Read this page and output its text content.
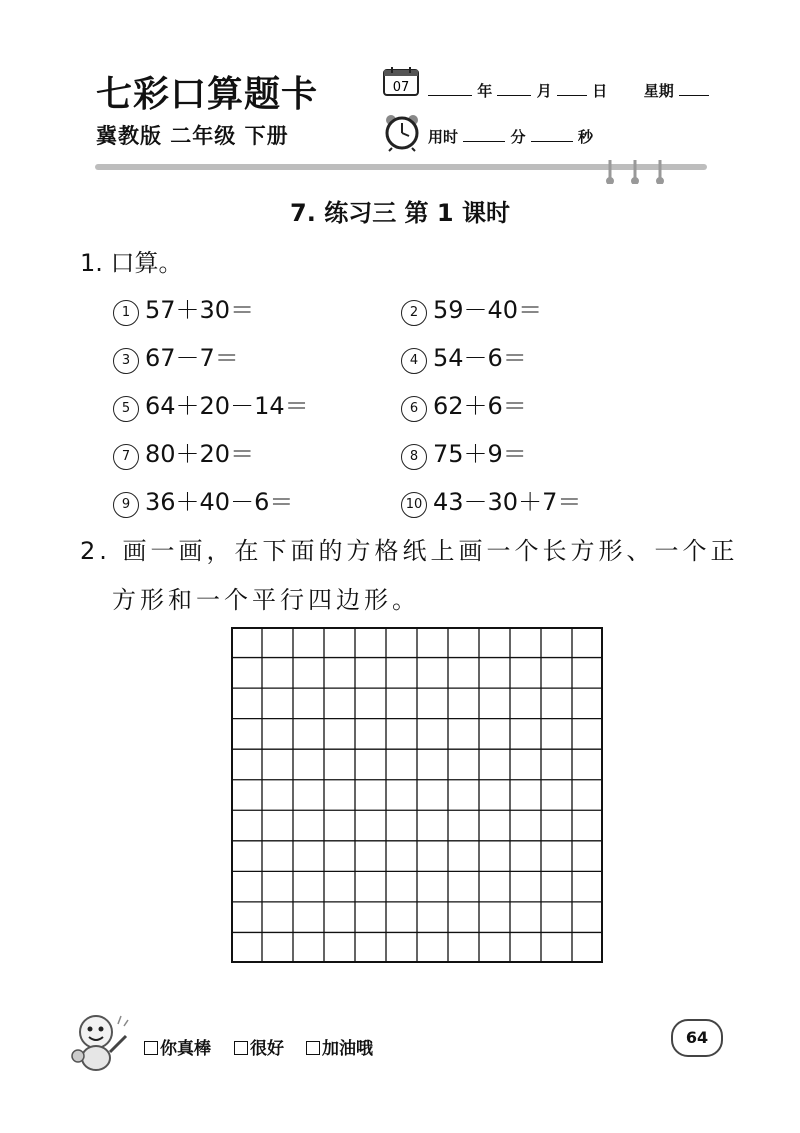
七彩口算题卡
冀教版 二年级 下册
07	年	月	日 星期
用时	分	秒
7. 练习三 第 1 课时
1. 口算。
1 57＋30＝	2 59－40＝
3 67－7＝	4 54－6＝
5 64＋20－14＝	6 62＋6＝
7 80＋20＝	8 75＋9＝
9 36＋40－6＝	10 43－30＋7＝
2. 画一画，在下面的方格纸上画一个长方形、一个正
方形和一个平行四边形。
你真棒	很好	加油哦
64
